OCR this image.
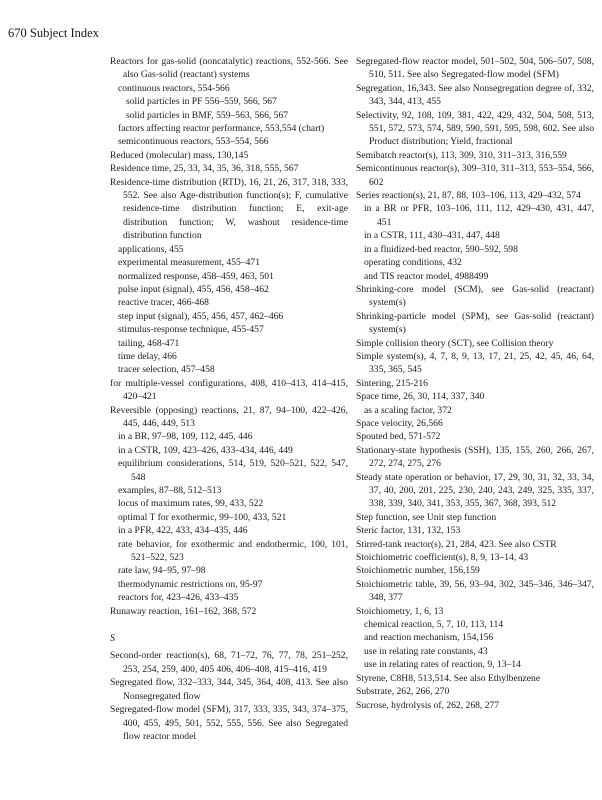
670 Subject Index

Reactors for gas-solid (noncatalytic) reactions, 552-566. See also Gas-solid (reactant) systems

continuous reactors, 554-566

solid particles in PF 556–559, 566, 567

solid particles in BMF, 559–563, 566, 567

factors affecting reactor performance, 553,554 (chart)

semicontinuous reactors, 553–554, 566

Reduced (molecular) mass, 130,145

Residence time, 25, 33, 34, 35, 36, 318, 555, 567

Residence-time distribution (RTD), 16, 21, 26, 317, 318, 333, 552. See also Age-distribution function(s); F, cumulative residence-time distribution function; E, exit-age distribution function; W, washout residence-time distribution function

applications, 455

experimental measurement, 455–471

normalized response, 458–459, 463, 501

pulse input (signal), 455, 456, 458–462

reactive tracer, 466-468

step input (signal), 455, 456, 457, 462–466

stimulus-response technique, 455-457

tailing, 468-471

time delay, 466

tracer selection, 457–458

for multiple-vessel configurations, 408, 410–413, 414–415, 420–421

Reversible (opposing) reactions, 21, 87, 94–100, 422–426, 445, 446, 449, 513

in a BR, 97–98, 109, 112, 445, 446

in a CSTR, 109, 423–426, 433–434, 446, 449

equilibrium considerations, 514, 519, 520–521, 522, 547, 548

examples, 87–88, 512–513

locus of maximum rates, 99, 433, 522

optimal T for exothermic, 99–100, 433, 521

in a PFR, 422, 433, 434–435, 446

rate behavior, for exothermic and endothermic, 100, 101, 521–522, 523

rate law, 94–95, 97–98

thermodynamic restrictions on, 95-97

reactors for, 423–426, 433–435

Runaway reaction, 161–162, 368, 572

S

Second-order reaction(s), 68, 71–72, 76, 77, 78, 251–252, 253, 254, 259, 400, 405 406, 406–408, 415–416, 419

Segregated flow, 332–333, 344, 345, 364, 408, 413. See also Nonsegregated flow

Segregated-flow model (SFM), 317, 333, 335, 343, 374–375, 400, 455, 495, 501, 552, 555, 556. See also Segregated flow reactor model

Segregated-flow reactor model, 501–502, 504, 506–507, 508, 510, 511. See also Segregated-flow model (SFM)

Segregation, 16,343. See also Nonsegregation degree of, 332, 343, 344, 413, 455

Selectivity, 92, 108, 109, 381, 422, 429, 432, 504, 508, 513, 551, 572, 573, 574, 589, 590, 591, 595, 598, 602. See also Product distribution; Yield, fractional

Semibatch reactor(s), 113, 309, 310, 311–313, 316,559

Semicontinuous reactor(s), 309–310, 311–313, 553–554, 566, 602

Series reaction(s), 21, 87, 88, 103–106, 113, 429–432, 574

in a BR or PFR, 103–106, 111, 112, 429–430, 431, 447, 451

in a CSTR, 111, 430–431, 447, 448

in a fluidized-bed reactor, 590–592, 598

operating conditions, 432

and TIS reactor model, 4988499

Shrinking-core model (SCM), see Gas-solid (reactant) system(s)

Shrinking-particle model (SPM), see Gas-solid (reactant) system(s)

Simple collision theory (SCT), see Collision theory

Simple system(s), 4, 7, 8, 9, 13, 17, 21, 25, 42, 45, 46, 64, 335, 365, 545

Sintering, 215-216

Space time, 26, 30, 114, 337, 340

as a scaling factor, 372

Space velocity, 26,566

Spouted bed, 571-572

Stationary-state hypothesis (SSH), 135, 155, 260, 266, 267, 272, 274, 275, 276

Steady state operation or behavior, 17, 29, 30, 31, 32, 33, 34, 37, 40, 200, 201, 225, 230, 240, 243, 249, 325, 335, 337, 338, 339, 340, 341, 353, 355, 367, 368, 393, 512

Step function, see Unit step function

Steric factor, 131, 132, 153

Stirred-tank reactor(s), 21, 284, 423. See also CSTR

Stoichiometric coefficient(s), 8, 9, 13–14, 43

Stoichiometric number, 156,159

Stoichiometric table, 39, 56, 93–94, 302, 345–346, 346–347, 348, 377

Stoichiometry, 1, 6, 13

chemical reaction, 5, 7, 10, 113, 114

and reaction mechanism, 154,156

use in relating rate constants, 43

use in relating rates of reaction, 9, 13–14

Styrene, C8H8, 513,514. See also Ethylbenzene

Substrate, 262, 266, 270

Sucrose, hydrolysis of, 262, 268, 277
